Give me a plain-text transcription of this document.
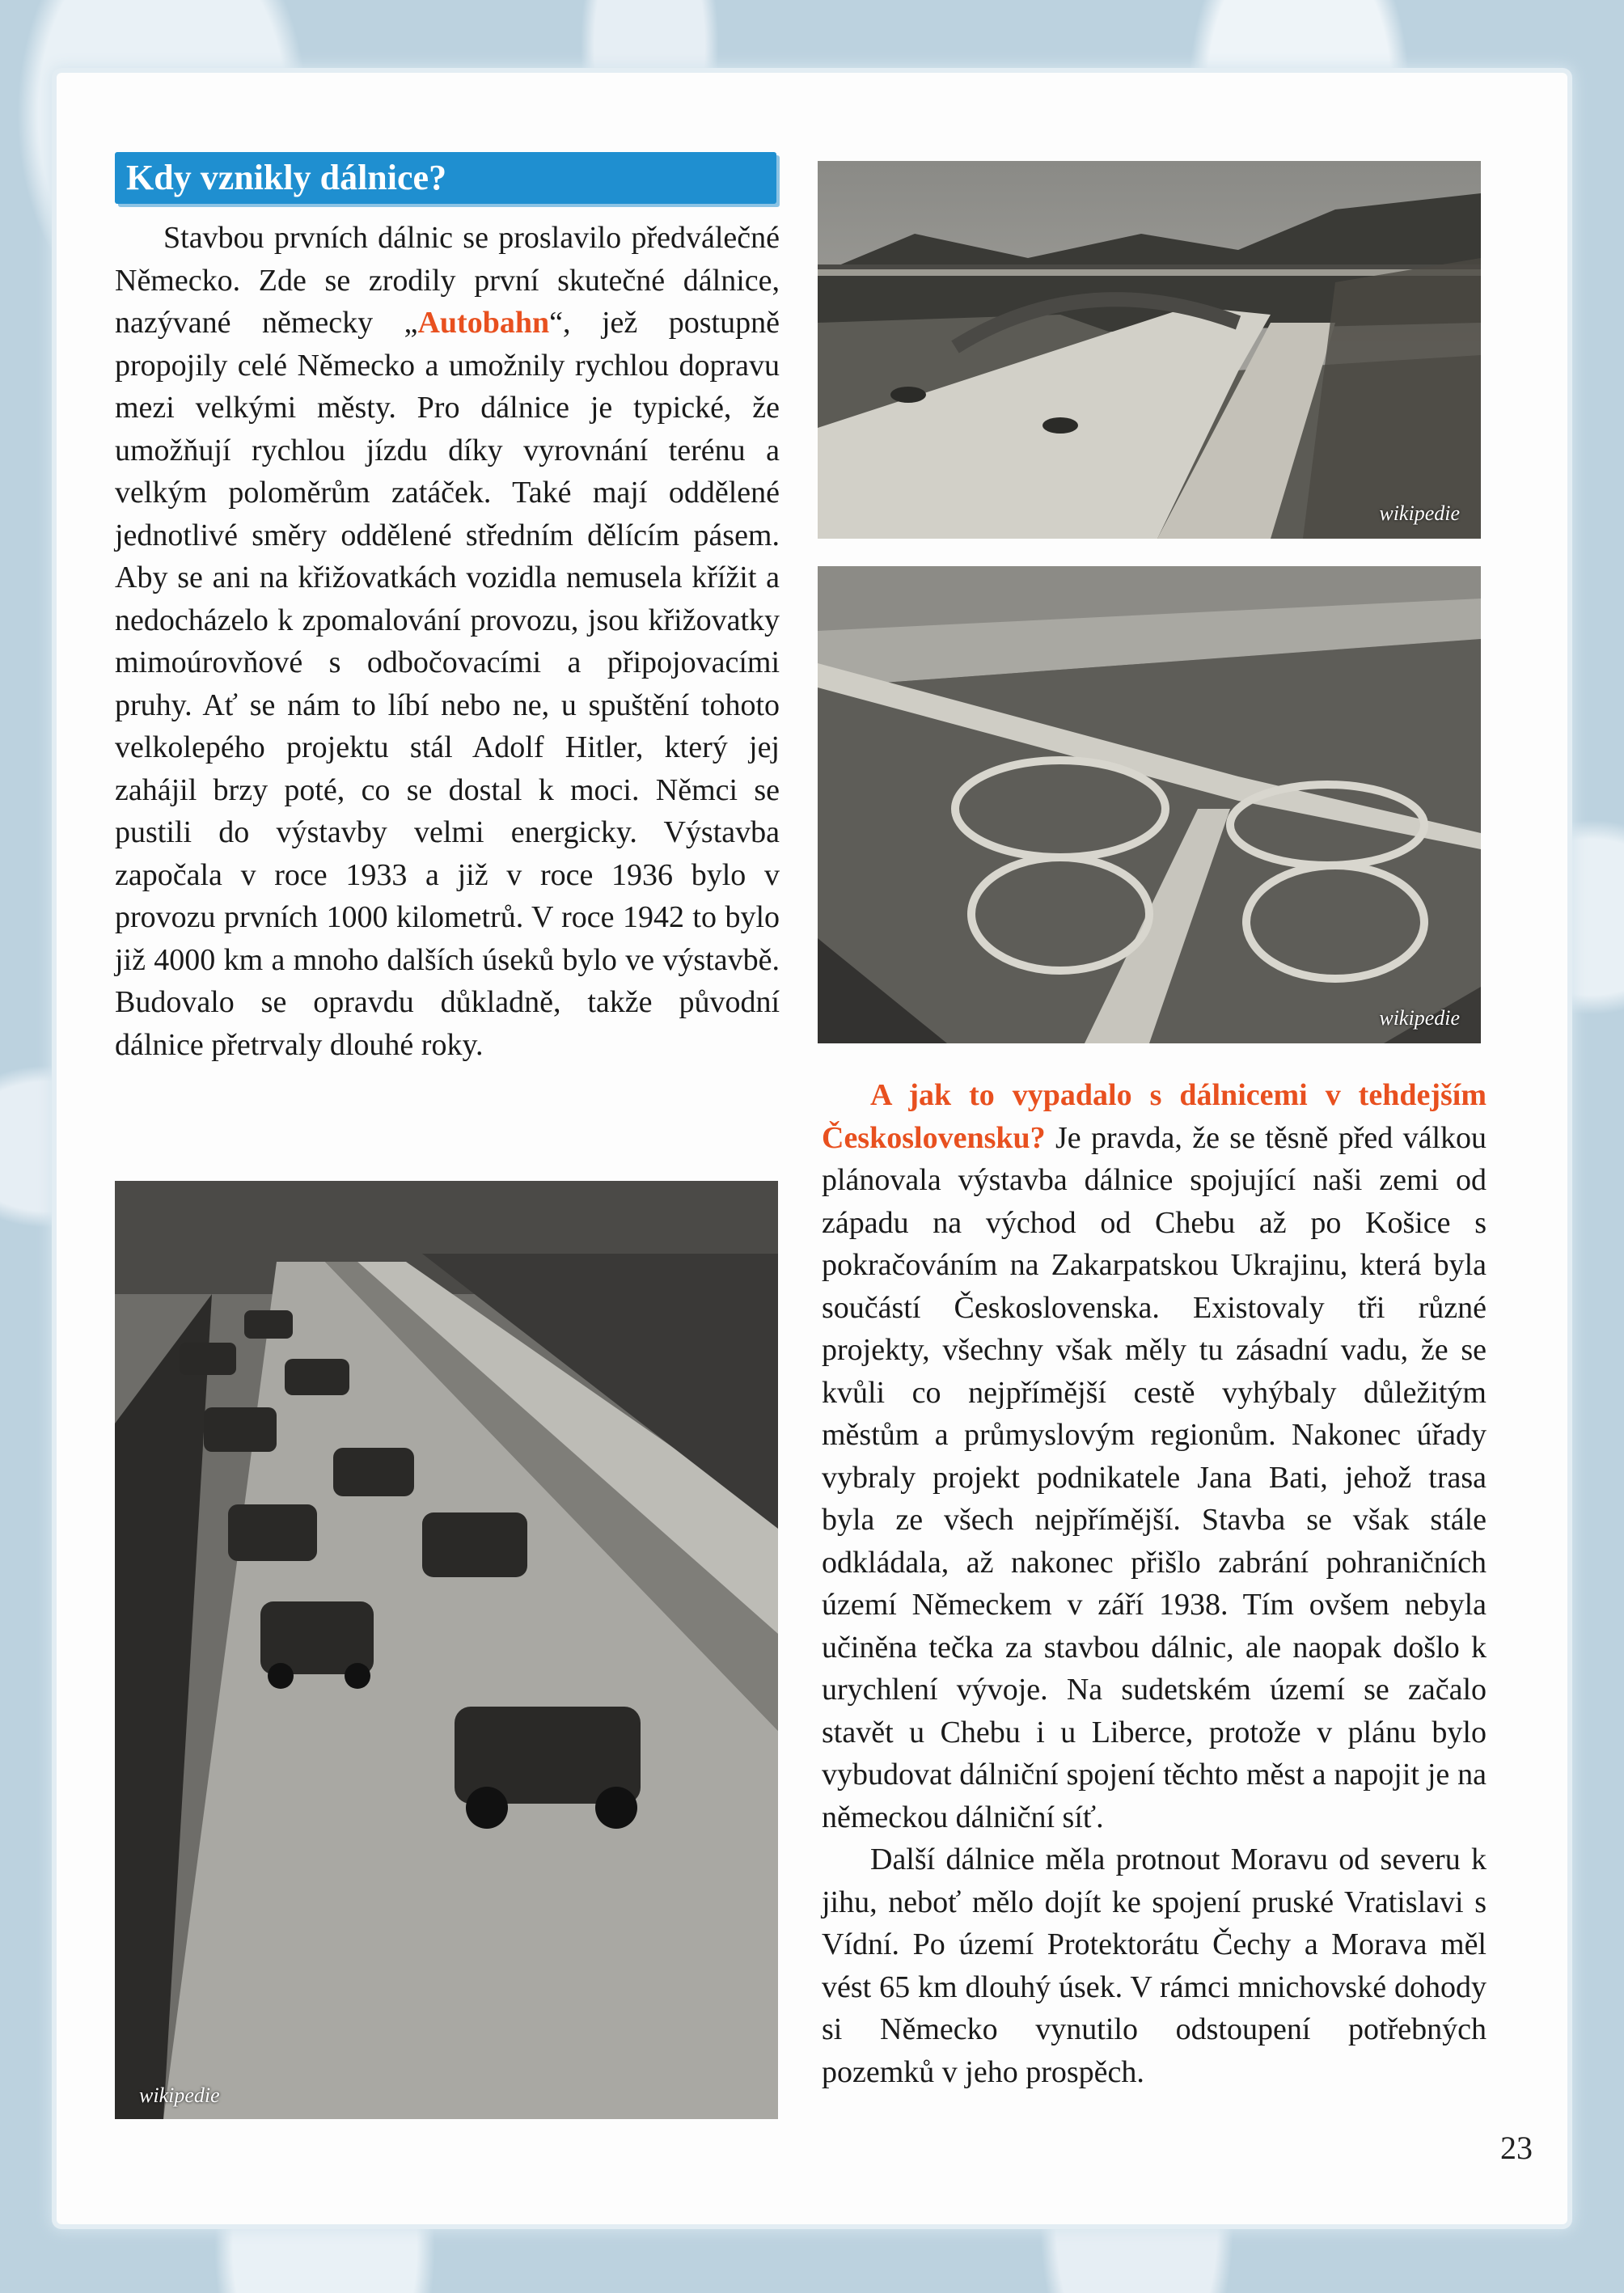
Kdy vznikly dálnice?

Stavbou prvních dálnic se proslavilo předválečné Německo. Zde se zrodily první skutečné dálnice, nazývané německy „Autobahn“, jež postupně propojily celé Německo a umožnily rychlou dopravu mezi velkými městy. Pro dálnice je typické, že umožňují rychlou jízdu díky vyrovnání terénu a velkým poloměrům zatáček. Také mají oddělené jednotlivé směry oddělené středním dělícím pásem. Aby se ani na křižovatkách vozidla nemusela křížit a nedocházelo k zpomalování provozu, jsou křižovatky mimoúrovňové s odbočovacími a připojovacími pruhy. Ať se nám to líbí nebo ne, u spuštění tohoto velkolepého projektu stál Adolf Hitler, který jej zahájil brzy poté, co se dostal k moci. Němci se pustili do výstavby velmi energicky. Výstavba započala v roce 1933 a již v roce 1936 bylo v provozu prvních 1000 kilometrů. V roce 1942 to bylo již 4000 km a mnoho dalších úseků bylo ve výstavbě. Budovalo se opravdu důkladně, takže původní dálnice přetrvaly dlouhé roky.

wikipedie
wikipedie
wikipedie

A jak to vypadalo s dálnicemi v tehdejším Československu? Je pravda, že se těsně před válkou plánovala výstavba dálnice spojující naši zemi od západu na východ od Chebu až po Košice s pokračováním na Zakarpatskou Ukrajinu, která byla součástí Československa. Existovaly tři různé projekty, všechny však měly tu zásadní vadu, že se kvůli co nejpřímější cestě vyhýbaly důležitým městům a průmyslovým regionům. Nakonec úřady vybraly projekt podnikatele Jana Bati, jehož trasa byla ze všech nejpřímější. Stavba se však stále odkládala, až nakonec přišlo zabrání pohraničních území Německem v září 1938. Tím ovšem nebyla učiněna tečka za stavbou dálnic, ale naopak došlo k urychlení vývoje. Na sudetském území se začalo stavět u Chebu i u Liberce, protože v plánu bylo vybudovat dálniční spojení těchto měst a napojit je na německou dálniční síť.

Další dálnice měla protnout Moravu od severu k jihu, neboť mělo dojít ke spojení pruské Vratislavi s Vídní. Po území Protektorátu Čechy a Morava měl vést 65 km dlouhý úsek. V rámci mnichovské dohody si Německo vynutilo odstoupení potřebných pozemků v jeho prospěch.

23
